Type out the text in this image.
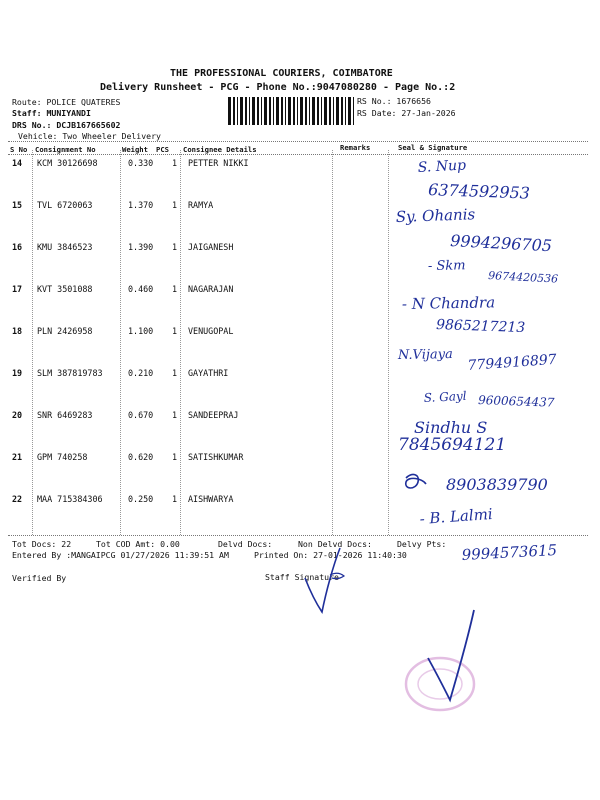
THE PROFESSIONAL COURIERS, COIMBATORE
Delivery Runsheet - PCG - Phone No.:9047080280 - Page No.:2
Route: POLICE QUATERES
Staff: MUNIYANDI
DRS No.: DCJB167665602
Vehicle: Two Wheeler Delivery
RS No.: 1676656
RS Date: 27-Jan-2026
S No Consignment No	Weight PCS Consignee Details	Remarks	Seal & Signature
14 KCM 30126698	0.330 1 PETTER NIKKI
15 TVL 6720063	1.370 1 RAMYA
16 KMU 3846523	1.390 1 JAIGANESH
17 KVT 3501088	0.460 1 NAGARAJAN
18 PLN 2426958	1.100 1 VENUGOPAL
19 SLM 387819783	0.210 1 GAYATHRI
20 SNR 6469283	0.670 1 SANDEEPRAJ
21 GPM 740258	0.620 1 SATISHKUMAR
22 MAA 715384306	0.250 1 AISHWARYA
Tot Docs: 22	Tot COD Amt: 0.00	Delvd Docs:	Non Delvd Docs:	Delvy Pts:
Entered By :MANGAIPCG 01/27/2026 11:39:51 AM	Printed On: 27-01-2026 11:40:30
Verified By	Staff Signature
S. Nup
6374592953
Sy. Ohanis
9994296705
- Skm
9674420536
- N Chandra
9865217213
N.Vijaya 7794916897
S. Gayl 9600654437
Sindhu S
7845694121
8903839790
- B. Lalmi
9994573615
